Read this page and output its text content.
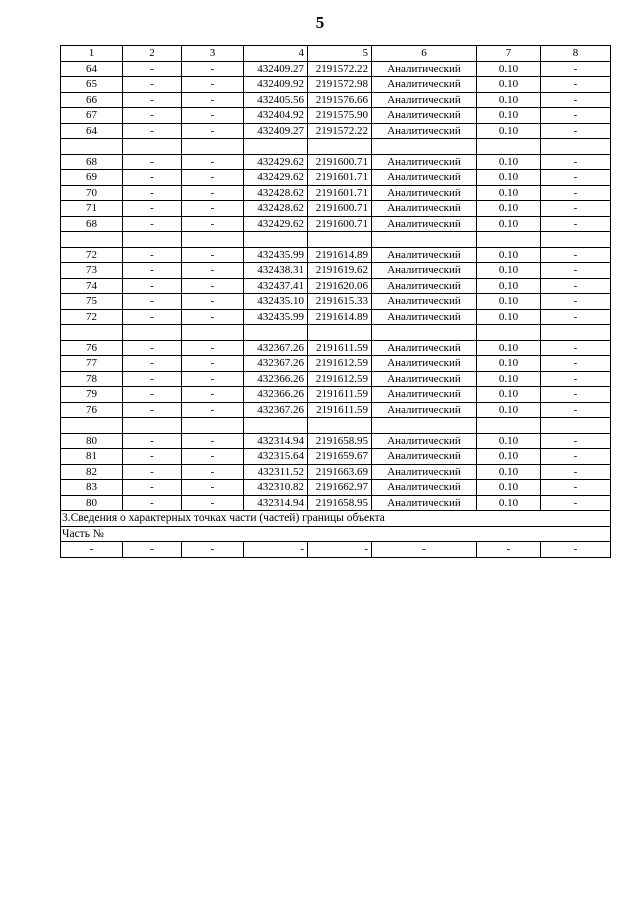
5
1	2	3	4	5	6	7	8
64	-	-	432409.27	2191572.22	Аналитический	0.10	-
65	-	-	432409.92	2191572.98	Аналитический	0.10	-
66	-	-	432405.56	2191576.66	Аналитический	0.10	-
67	-	-	432404.92	2191575.90	Аналитический	0.10	-
64	-	-	432409.27	2191572.22	Аналитический	0.10	-

68	-	-	432429.62	2191600.71	Аналитический	0.10	-
69	-	-	432429.62	2191601.71	Аналитический	0.10	-
70	-	-	432428.62	2191601.71	Аналитический	0.10	-
71	-	-	432428.62	2191600.71	Аналитический	0.10	-
68	-	-	432429.62	2191600.71	Аналитический	0.10	-

72	-	-	432435.99	2191614.89	Аналитический	0.10	-
73	-	-	432438.31	2191619.62	Аналитический	0.10	-
74	-	-	432437.41	2191620.06	Аналитический	0.10	-
75	-	-	432435.10	2191615.33	Аналитический	0.10	-
72	-	-	432435.99	2191614.89	Аналитический	0.10	-

76	-	-	432367.26	2191611.59	Аналитический	0.10	-
77	-	-	432367.26	2191612.59	Аналитический	0.10	-
78	-	-	432366.26	2191612.59	Аналитический	0.10	-
79	-	-	432366.26	2191611.59	Аналитический	0.10	-
76	-	-	432367.26	2191611.59	Аналитический	0.10	-

80	-	-	432314.94	2191658.95	Аналитический	0.10	-
81	-	-	432315.64	2191659.67	Аналитический	0.10	-
82	-	-	432311.52	2191663.69	Аналитический	0.10	-
83	-	-	432310.82	2191662.97	Аналитический	0.10	-
80	-	-	432314.94	2191658.95	Аналитический	0.10	-
3.Сведения о характерных точках части (частей) границы объекта							
Часть №							
-	-	-	-	-	-	-	-
